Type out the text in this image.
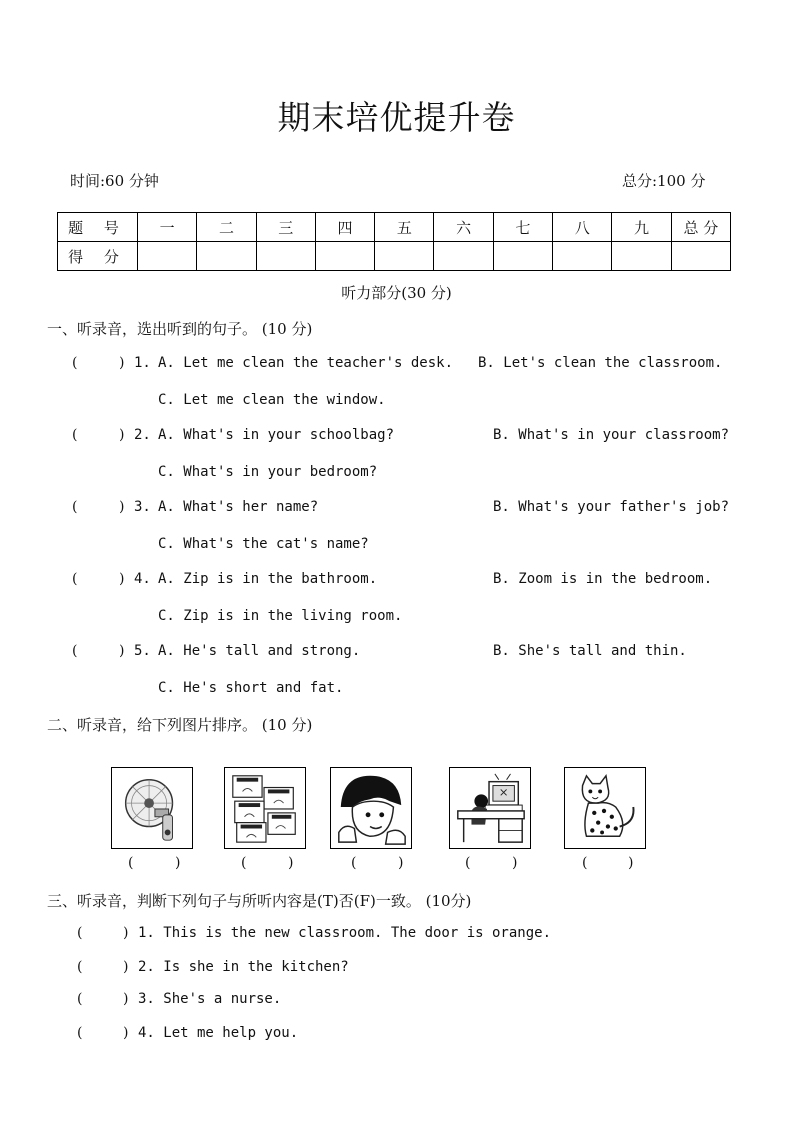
期末培优提升卷
时间:60 分钟	总分:100 分
题 号	一	二	三	四	五	六	七	八	九	总 分
得 分										
听力部分(30 分)
一、听录音，选出听到的句子。 (10 分)
(	) 1. A. Let me clean the teacher's desk. B. Let's clean the classroom.
C. Let me clean the window.
(	) 2. A. What's in your schoolbag?	B. What's in your classroom?
C. What's in your bedroom?
(	) 3. A. What's her name?	B. What's your father's job?
C. What's the cat's name?
(	) 4. A. Zip is in the bathroom.	B. Zoom is in the bedroom.
C. Zip is in the living room.
(	) 5. A. He's tall and strong.	B. She's tall and thin.
C. He's short and fat.
二、听录音，给下列图片排序。 (10 分)
(	)	(	)	(	)	(	)	(	)
三、听录音，判断下列句子与所听内容是(T)否(F)一致。 (10分)
(	) 1. This is the new classroom. The door is orange.
(	) 2. Is she in the kitchen?
(	) 3. She's a nurse.
(	) 4. Let me help you.
